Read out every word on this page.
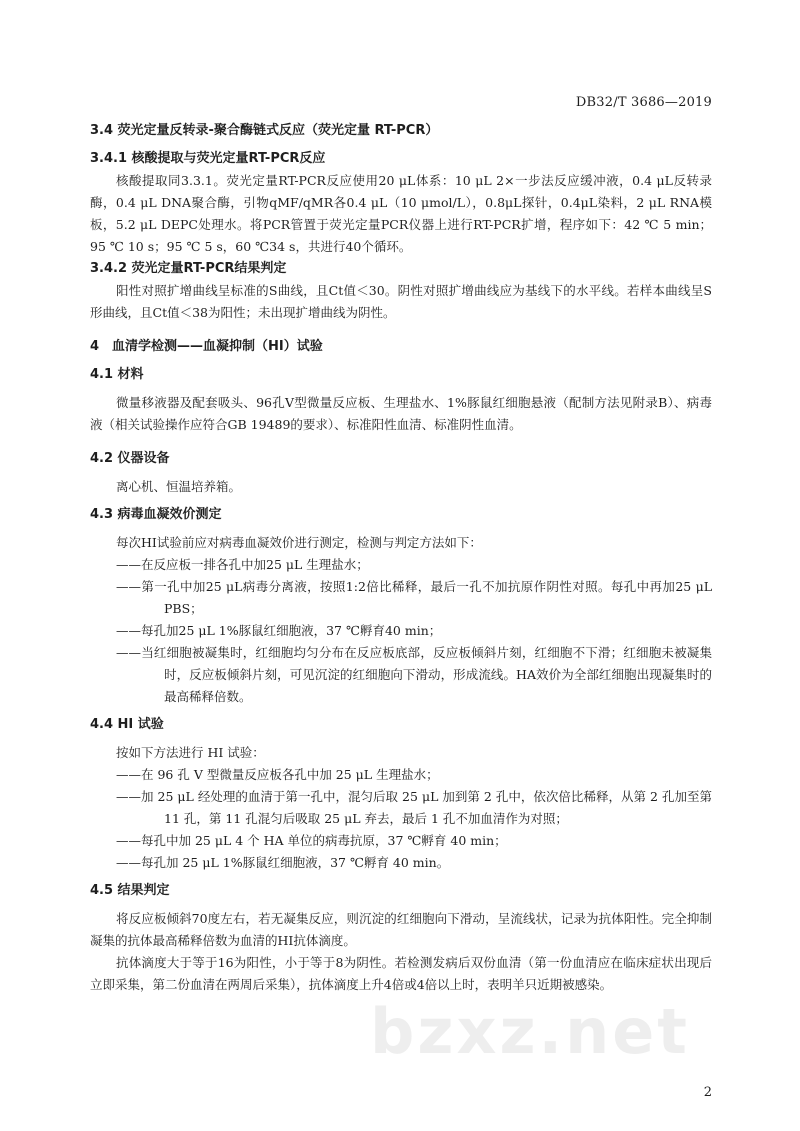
DB32/T 3686—2019

3.4 荧光定量反转录-聚合酶链式反应（荧光定量 RT-PCR）

3.4.1 核酸提取与荧光定量RT-PCR反应

核酸提取同3.3.1。荧光定量RT-PCR反应使用20 μL体系：10 μL 2×一步法反应缓冲液，0.4 μL反转录酶，0.4 μL DNA聚合酶，引物qMF/qMR各0.4 μL（10 μmol/L），0.8μL探针，0.4μL染料，2 μL RNA模板，5.2 μL DEPC处理水。将PCR管置于荧光定量PCR仪器上进行RT-PCR扩增，程序如下：42 ℃ 5 min；95 ℃ 10 s；95 ℃ 5 s，60 ℃34 s，共进行40个循环。

3.4.2 荧光定量RT-PCR结果判定

阳性对照扩增曲线呈标准的S曲线，且Ct值＜30。阴性对照扩增曲线应为基线下的水平线。若样本曲线呈S形曲线，且Ct值＜38为阳性；未出现扩增曲线为阴性。

4　血清学检测——血凝抑制（HI）试验

4.1 材料

微量移液器及配套吸头、96孔V型微量反应板、生理盐水、1%豚鼠红细胞悬液（配制方法见附录B）、病毒液（相关试验操作应符合GB 19489的要求）、标准阳性血清、标准阴性血清。

4.2 仪器设备

离心机、恒温培养箱。

4.3 病毒血凝效价测定

每次HI试验前应对病毒血凝效价进行测定，检测与判定方法如下：

——在反应板一排各孔中加25 μL 生理盐水；

——第一孔中加25 μL病毒分离液，按照1:2倍比稀释，最后一孔不加抗原作阴性对照。每孔中再加25 μL PBS；

——每孔加25 μL 1%豚鼠红细胞液，37 ℃孵育40 min；

——当红细胞被凝集时，红细胞均匀分布在反应板底部，反应板倾斜片刻，红细胞不下滑；红细胞未被凝集时，反应板倾斜片刻，可见沉淀的红细胞向下滑动，形成流线。HA效价为全部红细胞出现凝集时的最高稀释倍数。

4.4 HI 试验

按如下方法进行 HI 试验：

——在 96 孔 V 型微量反应板各孔中加 25 μL 生理盐水；

——加 25 μL 经处理的血清于第一孔中，混匀后取 25 μL 加到第 2 孔中，依次倍比稀释，从第 2 孔加至第 11 孔，第 11 孔混匀后吸取 25 μL 弃去，最后 1 孔不加血清作为对照；

——每孔中加 25 μL 4 个 HA 单位的病毒抗原，37 ℃孵育 40 min；

——每孔加 25 μL 1%豚鼠红细胞液，37 ℃孵育 40 min。

4.5 结果判定

将反应板倾斜70度左右，若无凝集反应，则沉淀的红细胞向下滑动，呈流线状，记录为抗体阳性。完全抑制凝集的抗体最高稀释倍数为血清的HI抗体滴度。

抗体滴度大于等于16为阳性，小于等于8为阴性。若检测发病后双份血清（第一份血清应在临床症状出现后立即采集，第二份血清在两周后采集），抗体滴度上升4倍或4倍以上时，表明羊只近期被感染。

bzxz.net
2
